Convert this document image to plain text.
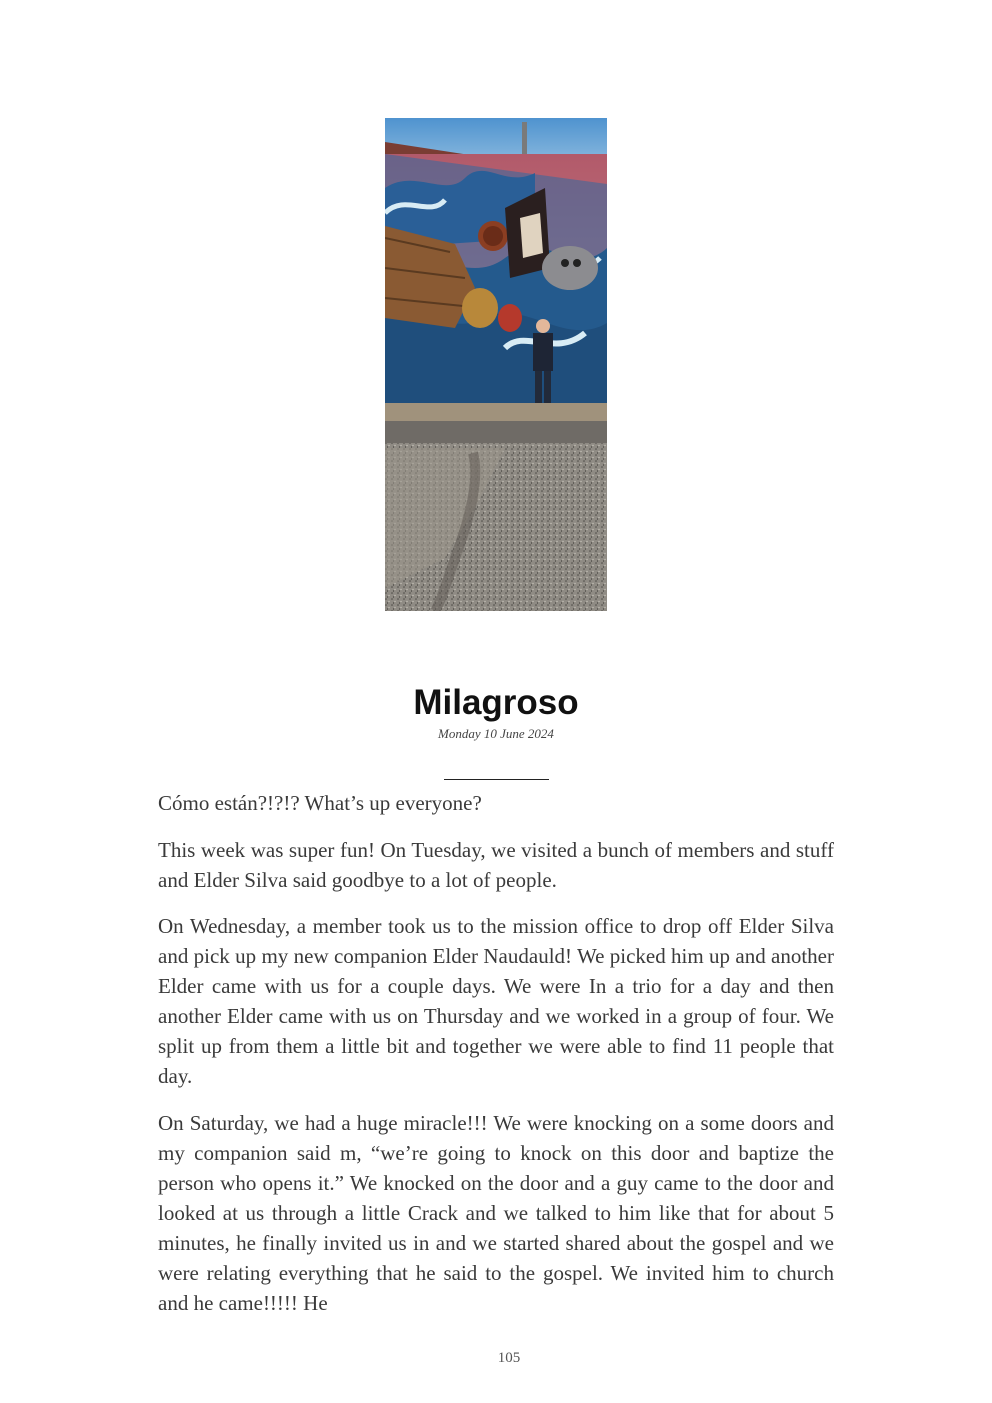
Milagroso
Monday 10 June 2024

Cómo están?!?!? What’s up everyone?

This week was super fun! On Tuesday, we visited a bunch of members and stuff and Elder Silva said goodbye to a lot of people.

On Wednesday, a member took us to the mission office to drop off Elder Silva and pick up my new companion Elder Naudauld! We picked him up and another Elder came with us for a couple days. We were In a trio for a day and then another Elder came with us on Thursday and we worked in a group of four. We split up from them a little bit and together we were able to find 11 people that day.

On Saturday, we had a huge miracle!!! We were knocking on a some doors and my companion said m, “we’re going to knock on this door and baptize the person who opens it.” We knocked on the door and a guy came to the door and looked at us through a little Crack and we talked to him like that for about 5 minutes, he finally invited us in and we started shared about the gospel and we were relating everything that he said to the gospel. We invited him to church and he came!!!!! He

105
